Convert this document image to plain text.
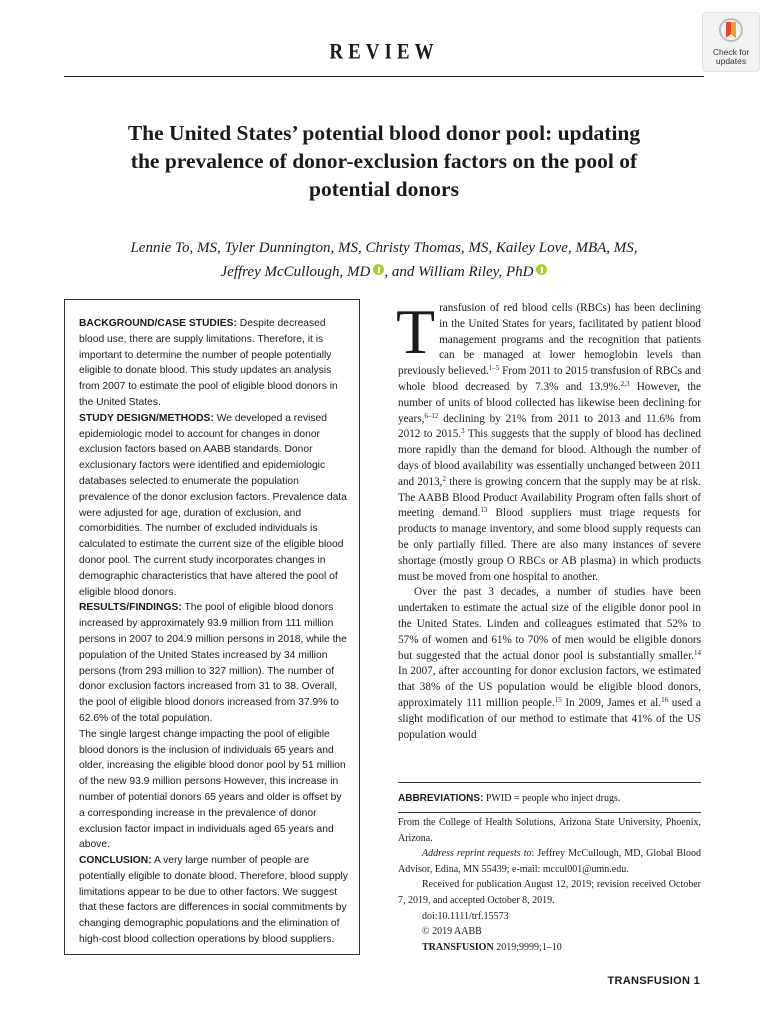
REVIEW	Check for
updates
The United States’ potential blood donor pool: updating
the prevalence of donor-exclusion factors on the pool of
potential donors
Lennie To, MS, Tyler Dunnington, MS, Christy Thomas, MS, Kailey Love, MBA, MS,
Jeffrey McCullough, MD , and William Riley, PhD

BACKGROUND/CASE STUDIES: Despite decreased blood use, there are supply limitations. Therefore, it is important to determine the number of people potentially eligible to donate blood. This study updates an analysis from 2007 to estimate the pool of eligible blood donors in the United States.

STUDY DESIGN/METHODS: We developed a revised epidemiologic model to account for changes in donor exclusion factors based on AABB standards. Donor exclusionary factors were identified and epidemiologic databases selected to enumerate the population prevalence of the donor exclusion factors. Prevalence data were adjusted for age, duration of exclusion, and comorbidities. The number of excluded individuals is calculated to estimate the current size of the eligible blood donor pool. The current study incorporates changes in demographic characteristics that have altered the pool of eligible blood donors.

RESULTS/FINDINGS: The pool of eligible blood donors increased by approximately 93.9 million from 111 million persons in 2007 to 204.9 million persons in 2018, while the population of the United States increased by 34 million persons (from 293 million to 327 million). The number of donor exclusion factors increased from 31 to 38. Overall, the pool of eligible blood donors increased from 37.9% to 62.6% of the total population.

The single largest change impacting the pool of eligible blood donors is the inclusion of individuals 65 years and older, increasing the eligible blood donor pool by 51 million of the new 93.9 million persons However, this increase in number of potential donors 65 years and older is offset by a corresponding increase in the prevalence of donor exclusion factor impact in individuals aged 65 years and above.

CONCLUSION: A very large number of people are potentially eligible to donate blood. Therefore, blood supply limitations appear to be due to other factors. We suggest that these factors are differences in social commitments by changing demographic populations and the elimination of high-cost blood collection operations by blood suppliers.

Transfusion of red blood cells (RBCs) has been declining in the United States for years, facilitated by patient blood management programs and the recognition that patients can be managed at lower hemoglobin levels than previously believed.$^{1-5}$ From 2011 to 2015 transfusion of RBCs and whole blood decreased by 7.3% and 13.9%.$^{2,3}$ However, the number of units of blood collected has likewise been declining for years,$^{6-12}$ declining by 21% from 2011 to 2013 and 11.6% from 2012 to 2015.$^3$ This suggests that the supply of blood has declined more rapidly than the demand for blood. Although the number of days of blood availability was essentially unchanged between 2011 and 2013,$^2$ there is growing concern that the supply may be at risk. The AABB Blood Product Availability Program often falls short of meeting demand.$^{13}$ Blood suppliers must triage requests for products to manage inventory, and some blood supply requests can be only partially filled. There are also many instances of severe shortage (mostly group O RBCs or AB plasma) in which products must be moved from one hospital to another.

Over the past 3 decades, a number of studies have been undertaken to estimate the actual size of the eligible donor pool in the United States. Linden and colleagues estimated that 52% to 57% of women and 61% to 70% of men would be eligible donors but suggested that the actual donor pool is substantially smaller.$^{14}$ In 2007, after accounting for donor exclusion factors, we estimated that 38% of the US population would be eligible blood donors, approximately 111 million people.$^{15}$ In 2009, James et al.$^{16}$ used a slight modification of our method to estimate that 41% of the US population would

ABBREVIATIONS: PWID = people who inject drugs.

From the College of Health Solutions, Arizona State University, Phoenix, Arizona.

Address reprint requests to: Jeffrey McCullough, MD, Global Blood Advisor, Edina, MN 55439; e-mail: mccul001@umn.edu.

Received for publication August 12, 2019; revision received October 7, 2019, and accepted October 8, 2019.

doi:10.1111/trf.15573

© 2019 AABB

TRANSFUSION 2019;9999;1–10

TRANSFUSION 1
